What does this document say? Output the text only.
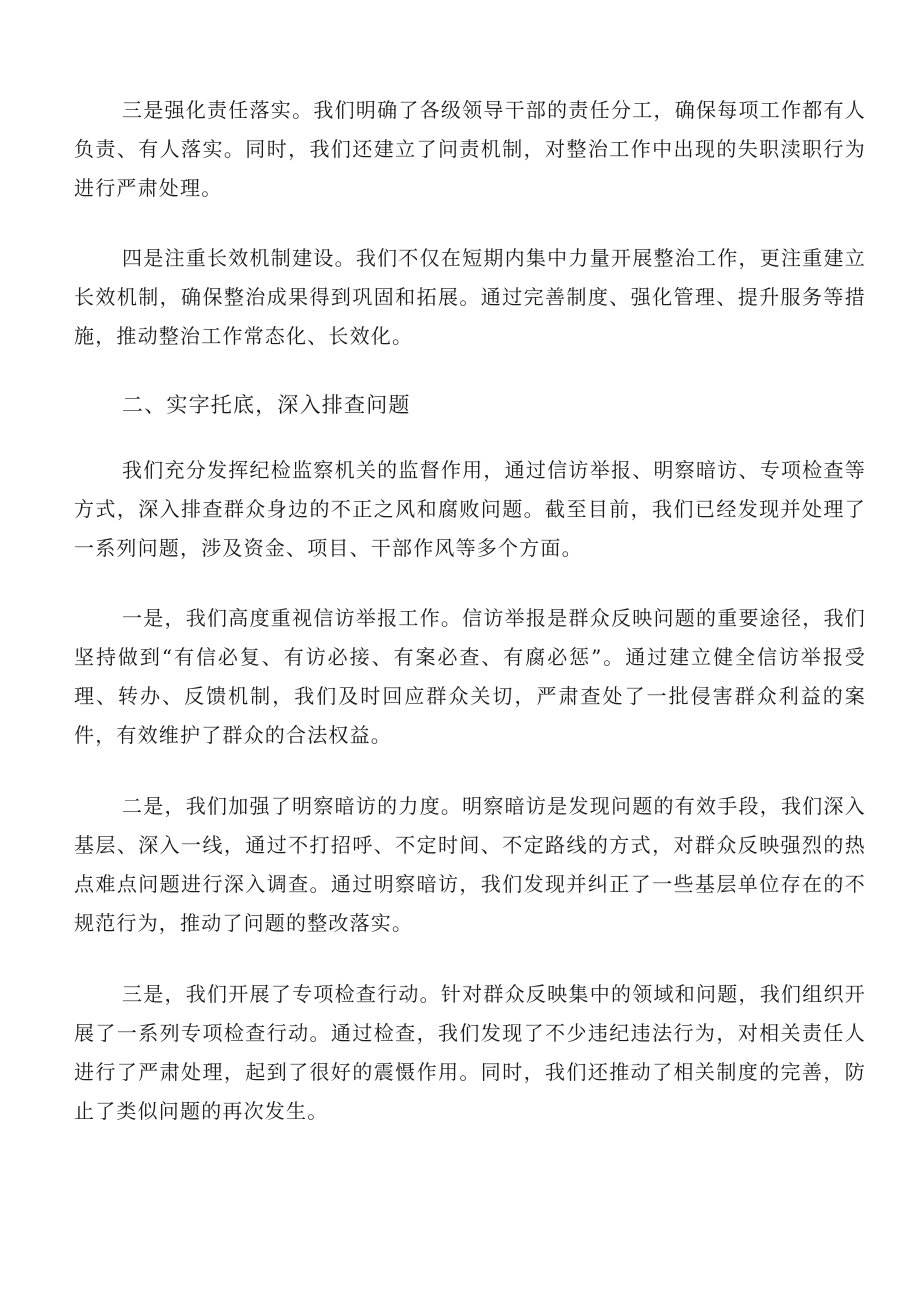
三是强化责任落实。我们明确了各级领导干部的责任分工，确保每项工作都有人负责、有人落实。同时，我们还建立了问责机制，对整治工作中出现的失职渎职行为进行严肃处理。

四是注重长效机制建设。我们不仅在短期内集中力量开展整治工作，更注重建立长效机制，确保整治成果得到巩固和拓展。通过完善制度、强化管理、提升服务等措施，推动整治工作常态化、长效化。

二、实字托底，深入排查问题

我们充分发挥纪检监察机关的监督作用，通过信访举报、明察暗访、专项检查等方式，深入排查群众身边的不正之风和腐败问题。截至目前，我们已经发现并处理了一系列问题，涉及资金、项目、干部作风等多个方面。

一是，我们高度重视信访举报工作。信访举报是群众反映问题的重要途径，我们坚持做到“有信必复、有访必接、有案必查、有腐必惩”。通过建立健全信访举报受理、转办、反馈机制，我们及时回应群众关切，严肃查处了一批侵害群众利益的案件，有效维护了群众的合法权益。

二是，我们加强了明察暗访的力度。明察暗访是发现问题的有效手段，我们深入基层、深入一线，通过不打招呼、不定时间、不定路线的方式，对群众反映强烈的热点难点问题进行深入调查。通过明察暗访，我们发现并纠正了一些基层单位存在的不规范行为，推动了问题的整改落实。

三是，我们开展了专项检查行动。针对群众反映集中的领域和问题，我们组织开展了一系列专项检查行动。通过检查，我们发现了不少违纪违法行为，对相关责任人进行了严肃处理，起到了很好的震慑作用。同时，我们还推动了相关制度的完善，防止了类似问题的再次发生。
